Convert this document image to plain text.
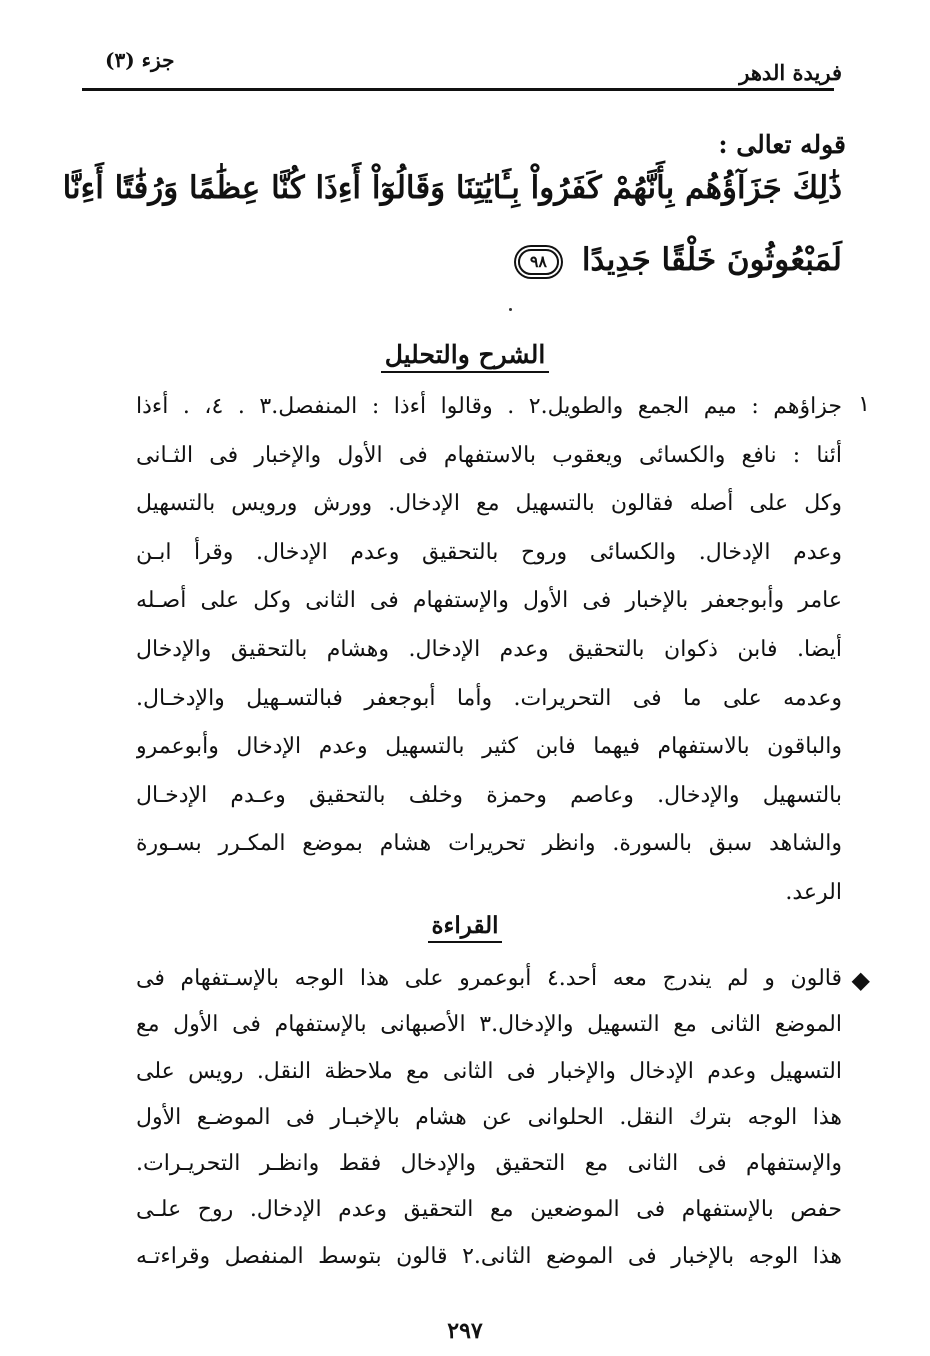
فريدة الدهر
جزء (٣)
قوله تعالى :
ذَٰلِكَ جَزَآؤُهُم بِأَنَّهُمْ كَفَرُواْ بِـَٔايَٰتِنَا وَقَالُوٓاْ أَءِذَا كُنَّا عِظَٰمًا وَرُفَٰتًا أَءِنَّا
لَمَبْعُوثُونَ خَلْقًا جَدِيدًا ٩٨
الشرح والتحليل
١
جزاؤهم : ميم الجمع والطويل.٢ . وقالوا أءذا : المنفصل.٣ . ٤، . أءذا
أئنا : نافع والكسائى ويعقوب بالاستفهام فى الأول والإخبار فى الثـانى
وكل على أصله فقالون بالتسهيل مع الإدخال. وورش ورويس بالتسهيل
وعدم الإدخال. والكسائى وروح بالتحقيق وعدم الإدخال. وقرأ ابـن
عامر وأبوجعفر بالإخبار فى الأول والإستفهام فى الثانى وكل على أصـله
أيضا. فابن ذكوان بالتحقيق وعدم الإدخال. وهشام بالتحقيق والإدخال
وعدمه على ما فى التحريرات. وأما أبوجعفر فبالتسـهيل والإدخـال.
والباقون بالاستفهام فيهما فابن كثير بالتسهيل وعدم الإدخال وأبوعمرو
بالتسهيل والإدخال. وعاصم وحمزة وخلف بالتحقيق وعـدم الإدخـال
والشاهد سبق بالسورة. وانظر تحريرات هشام بموضع المكـرر بسـورة
الرعد.
القراءة
◆
قالون و لم يندرج معه أحد.٤ أبوعمرو على هذا الوجه بالإسـتفهام فى
الموضع الثانى مع التسهيل والإدخال.٣ الأصبهانى بالإستفهام فى الأول مع
التسهيل وعدم الإدخال والإخبار فى الثانى مع ملاحظة النقل. رويس على
هذا الوجه بترك النقل. الحلوانى عن هشام بالإخبـار فى الموضـع الأول
والإستفهام فى الثانى مع التحقيق والإدخال فقط وانظـر التحريـرات.
حفص بالإستفهام فى الموضعين مع التحقيق وعدم الإدخال. روح علـى
هذا الوجه بالإخبار فى الموضع الثانى.٢ قالون بتوسط المنفصل وقراءتـه
٢٩٧
